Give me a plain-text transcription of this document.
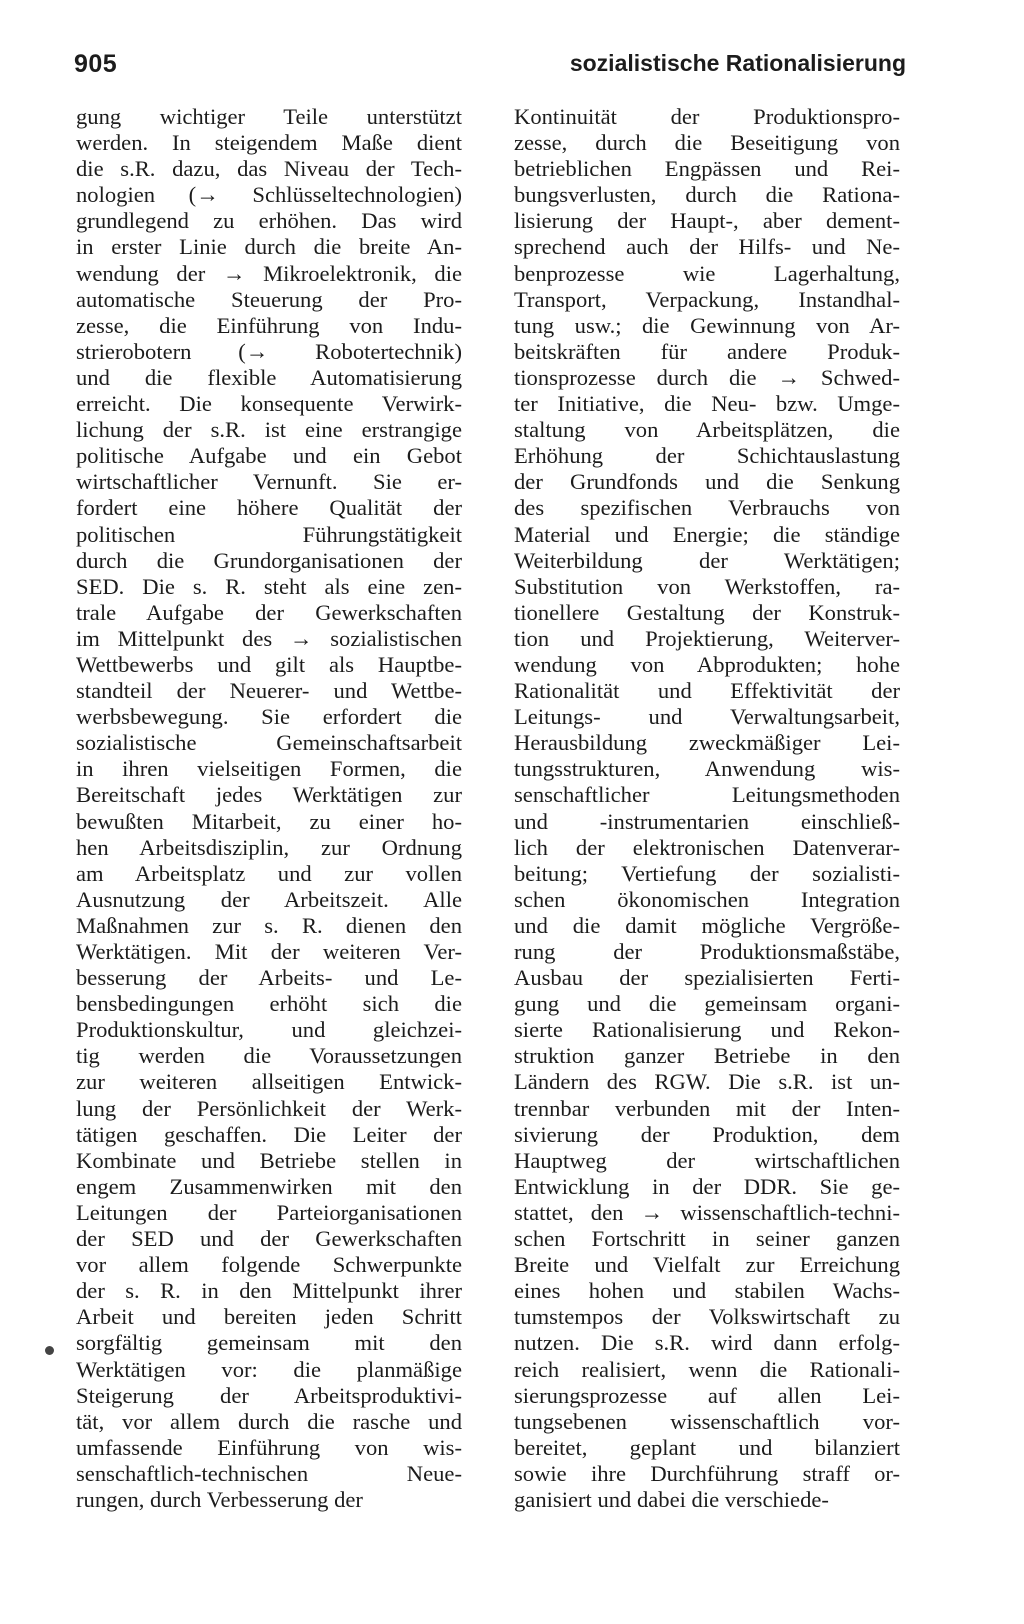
905	sozialistische Rationalisierung
gung wichtiger Teile unterstützt
werden. In steigendem Maße dient
die s.R. dazu, das Niveau der Tech-
nologien (→ Schlüsseltechnologien)
grundlegend zu erhöhen. Das wird
in erster Linie durch die breite An-
wendung der → Mikroelektronik, die
automatische Steuerung der Pro-
zesse, die Einführung von Indu-
strierobotern (→ Robotertechnik)
und die flexible Automatisierung
erreicht. Die konsequente Verwirk-
lichung der s.R. ist eine erstrangige
politische Aufgabe und ein Gebot
wirtschaftlicher Vernunft. Sie er-
fordert eine höhere Qualität der
politischen Führungstätigkeit
durch die Grundorganisationen der
SED. Die s. R. steht als eine zen-
trale Aufgabe der Gewerkschaften
im Mittelpunkt des → sozialistischen
Wettbewerbs und gilt als Hauptbe-
standteil der Neuerer- und Wettbe-
werbsbewegung. Sie erfordert die
sozialistische Gemeinschaftsarbeit
in ihren vielseitigen Formen, die
Bereitschaft jedes Werktätigen zur
bewußten Mitarbeit, zu einer ho-
hen Arbeitsdisziplin, zur Ordnung
am Arbeitsplatz und zur vollen
Ausnutzung der Arbeitszeit. Alle
Maßnahmen zur s. R. dienen den
Werktätigen. Mit der weiteren Ver-
besserung der Arbeits- und Le-
bensbedingungen erhöht sich die
Produktionskultur, und gleichzei-
tig werden die Voraussetzungen
zur weiteren allseitigen Entwick-
lung der Persönlichkeit der Werk-
tätigen geschaffen. Die Leiter der
Kombinate und Betriebe stellen in
engem Zusammenwirken mit den
Leitungen der Parteiorganisationen
der SED und der Gewerkschaften
vor allem folgende Schwerpunkte
der s. R. in den Mittelpunkt ihrer
Arbeit und bereiten jeden Schritt
sorgfältig gemeinsam mit den
Werktätigen vor: die planmäßige
Steigerung der Arbeitsproduktivi-
tät, vor allem durch die rasche und
umfassende Einführung von wis-
senschaftlich-technischen Neue-
rungen, durch Verbesserung der
Kontinuität der Produktionspro-
zesse, durch die Beseitigung von
betrieblichen Engpässen und Rei-
bungsverlusten, durch die Rationa-
lisierung der Haupt-, aber dement-
sprechend auch der Hilfs- und Ne-
benprozesse wie Lagerhaltung,
Transport, Verpackung, Instandhal-
tung usw.; die Gewinnung von Ar-
beitskräften für andere Produk-
tionsprozesse durch die → Schwed-
ter Initiative, die Neu- bzw. Umge-
staltung von Arbeitsplätzen, die
Erhöhung der Schichtauslastung
der Grundfonds und die Senkung
des spezifischen Verbrauchs von
Material und Energie; die ständige
Weiterbildung der Werktätigen;
Substitution von Werkstoffen, ra-
tionellere Gestaltung der Konstruk-
tion und Projektierung, Weiterver-
wendung von Abprodukten; hohe
Rationalität und Effektivität der
Leitungs- und Verwaltungsarbeit,
Herausbildung zweckmäßiger Lei-
tungsstrukturen, Anwendung wis-
senschaftlicher Leitungsmethoden
und -instrumentarien einschließ-
lich der elektronischen Datenverar-
beitung; Vertiefung der sozialisti-
schen ökonomischen Integration
und die damit mögliche Vergröße-
rung der Produktionsmaßstäbe,
Ausbau der spezialisierten Ferti-
gung und die gemeinsam organi-
sierte Rationalisierung und Rekon-
struktion ganzer Betriebe in den
Ländern des RGW. Die s.R. ist un-
trennbar verbunden mit der Inten-
sivierung der Produktion, dem
Hauptweg der wirtschaftlichen
Entwicklung in der DDR. Sie ge-
stattet, den → wissenschaftlich-techni-
schen Fortschritt in seiner ganzen
Breite und Vielfalt zur Erreichung
eines hohen und stabilen Wachs-
tumstempos der Volkswirtschaft zu
nutzen. Die s.R. wird dann erfolg-
reich realisiert, wenn die Rationali-
sierungsprozesse auf allen Lei-
tungsebenen wissenschaftlich vor-
bereitet, geplant und bilanziert
sowie ihre Durchführung straff or-
ganisiert und dabei die verschiede-
